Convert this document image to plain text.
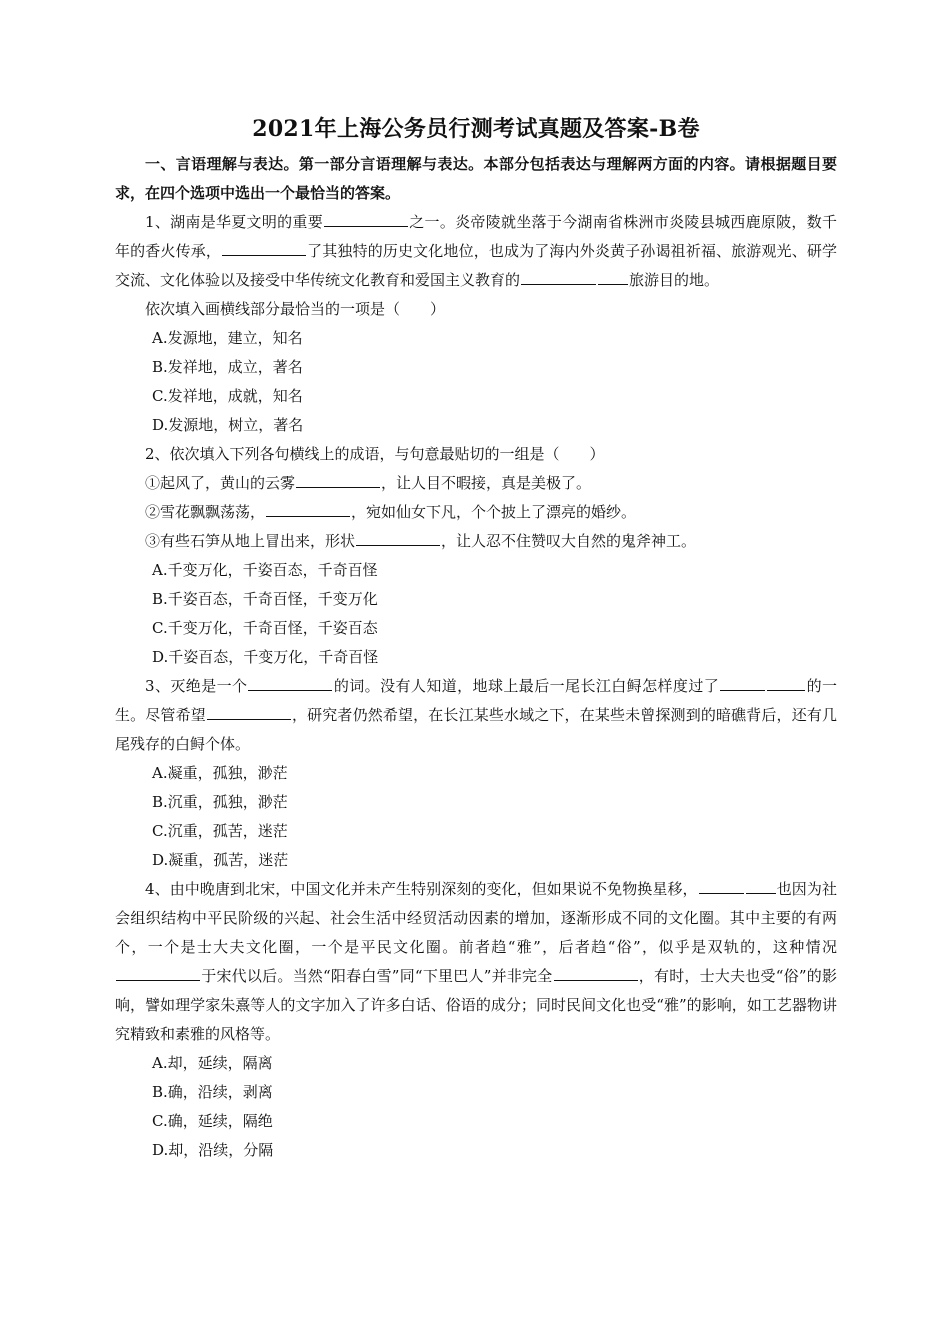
2021年上海公务员行测考试真题及答案-B卷

一、言语理解与表达。第一部分言语理解与表达。本部分包括表达与理解两方面的内容。请根据题目要求，在四个选项中选出一个最恰当的答案。

1、湖南是华夏文明的重要	之一。炎帝陵就坐落于今湖南省株洲市炎陵县城西鹿原陂，数千年的香火传承，	了其独特的历史文化地位，也成为了海内外炎黄子孙谒祖祈福、旅游观光、研学交流、文化体验以及接受中华传统文化教育和爱国主义教育的	旅游目的地。

依次填入画横线部分最恰当的一项是（　　）

A.发源地，建立，知名

B.发祥地，成立，著名

C.发祥地，成就，知名

D.发源地，树立，著名

2、依次填入下列各句横线上的成语，与句意最贴切的一组是（　　）

①起风了，黄山的云雾	，让人目不暇接，真是美极了。

②雪花飘飘荡荡，	，宛如仙女下凡，个个披上了漂亮的婚纱。

③有些石笋从地上冒出来，形状	，让人忍不住赞叹大自然的鬼斧神工。

A.千变万化，千姿百态，千奇百怪

B.千姿百态，千奇百怪，千变万化

C.千变万化，千奇百怪，千姿百态

D.千姿百态，千变万化，千奇百怪

3、灭绝是一个	的词。没有人知道，地球上最后一尾长江白鲟怎样度过了	的一生。尽管希望	，研究者仍然希望，在长江某些水域之下，在某些未曾探测到的暗礁背后，还有几尾残存的白鲟个体。

A.凝重，孤独，渺茫

B.沉重，孤独，渺茫

C.沉重，孤苦，迷茫

D.凝重，孤苦，迷茫

4、由中晚唐到北宋，中国文化并未产生特别深刻的变化，但如果说不免物换星移，	也因为社会组织结构中平民阶级的兴起、社会生活中经贸活动因素的增加，逐渐形成不同的文化圈。其中主要的有两个，一个是士大夫文化圈，一个是平民文化圈。前者趋“雅”，后者趋“俗”，似乎是双轨的，这种情况于宋代以后。当然“阳春白雪”同“下里巴人”并非完全	，有时，士大夫也受“俗”的影响，譬如理学家朱熹等人的文字加入了许多白话、俗语的成分；同时民间文化也受“雅”的影响，如工艺器物讲究精致和素雅的风格等。

A.却，延续，隔离

B.确，沿续，剥离

C.确，延续，隔绝

D.却，沿续，分隔
